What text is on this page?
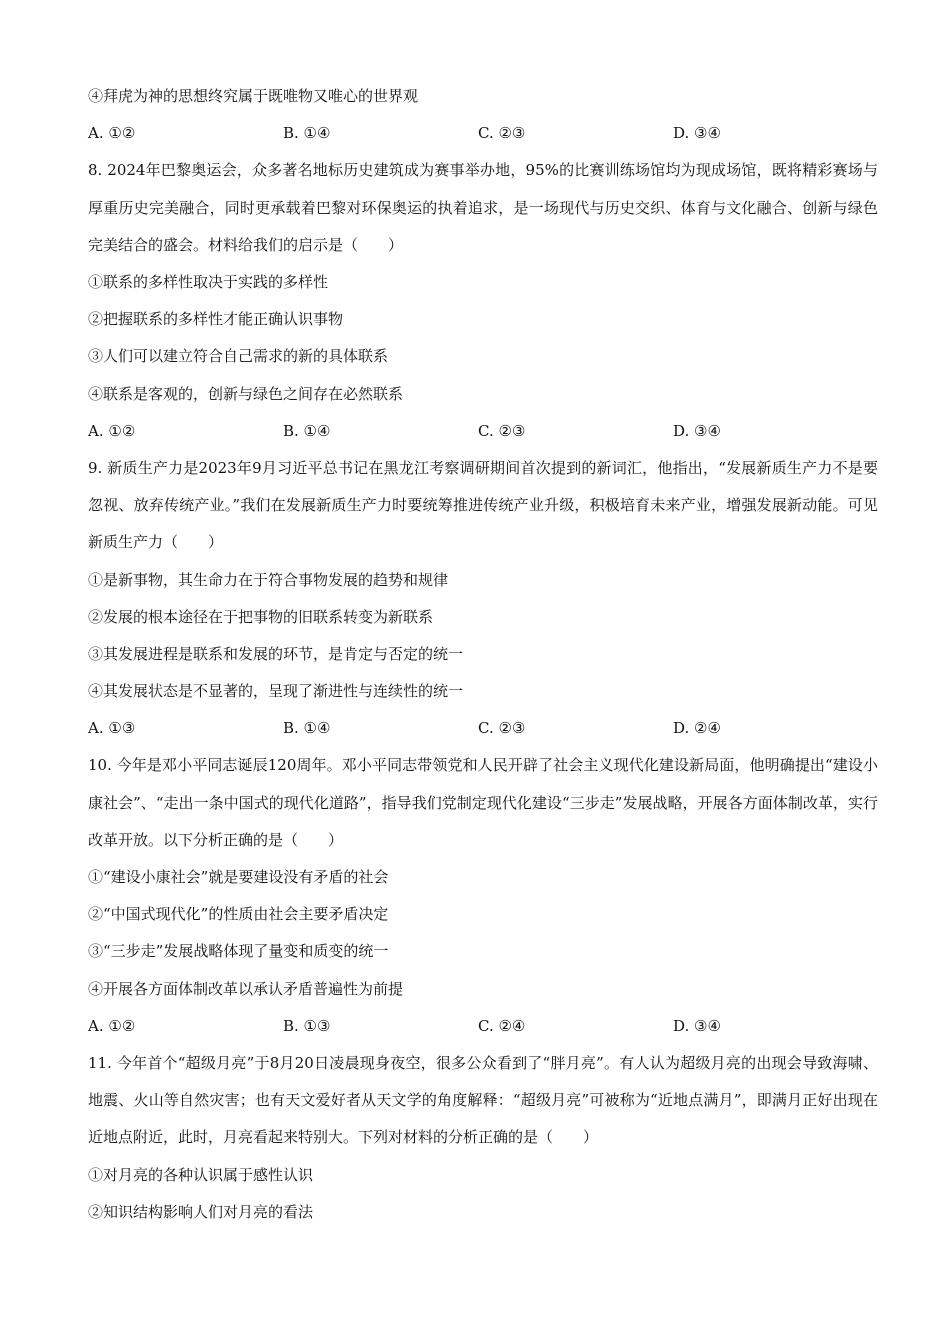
④拜虎为神的思想终究属于既唯物又唯心的世界观
A. ①②	B. ①④	C. ②③	D. ③④
8. 2024年巴黎奥运会，众多著名地标历史建筑成为赛事举办地，95%的比赛训练场馆均为现成场馆，既将精彩赛场与厚重历史完美融合，同时更承载着巴黎对环保奥运的执着追求，是一场现代与历史交织、体育与文化融合、创新与绿色完美结合的盛会。材料给我们的启示是（　　）
①联系的多样性取决于实践的多样性
②把握联系的多样性才能正确认识事物
③人们可以建立符合自己需求的新的具体联系
④联系是客观的，创新与绿色之间存在必然联系
A. ①②	B. ①④	C. ②③	D. ③④
9. 新质生产力是2023年9月习近平总书记在黑龙江考察调研期间首次提到的新词汇，他指出，“发展新质生产力不是要忽视、放弃传统产业。”我们在发展新质生产力时要统筹推进传统产业升级，积极培育未来产业，增强发展新动能。可见新质生产力（　　）
①是新事物，其生命力在于符合事物发展的趋势和规律
②发展的根本途径在于把事物的旧联系转变为新联系
③其发展进程是联系和发展的环节，是肯定与否定的统一
④其发展状态是不显著的，呈现了渐进性与连续性的统一
A. ①③	B. ①④	C. ②③	D. ②④
10. 今年是邓小平同志诞辰120周年。邓小平同志带领党和人民开辟了社会主义现代化建设新局面，他明确提出“建设小康社会”、“走出一条中国式的现代化道路”，指导我们党制定现代化建设“三步走”发展战略，开展各方面体制改革，实行改革开放。以下分析正确的是（　　）
①“建设小康社会”就是要建设没有矛盾的社会
②“中国式现代化”的性质由社会主要矛盾决定
③“三步走”发展战略体现了量变和质变的统一
④开展各方面体制改革以承认矛盾普遍性为前提
A. ①②	B. ①③	C. ②④	D. ③④
11. 今年首个“超级月亮”于8月20日凌晨现身夜空，很多公众看到了“胖月亮”。有人认为超级月亮的出现会导致海啸、地震、火山等自然灾害；也有天文爱好者从天文学的角度解释：“超级月亮”可被称为“近地点满月”，即满月正好出现在近地点附近，此时，月亮看起来特别大。下列对材料的分析正确的是（　　）
①对月亮的各种认识属于感性认识
②知识结构影响人们对月亮的看法
